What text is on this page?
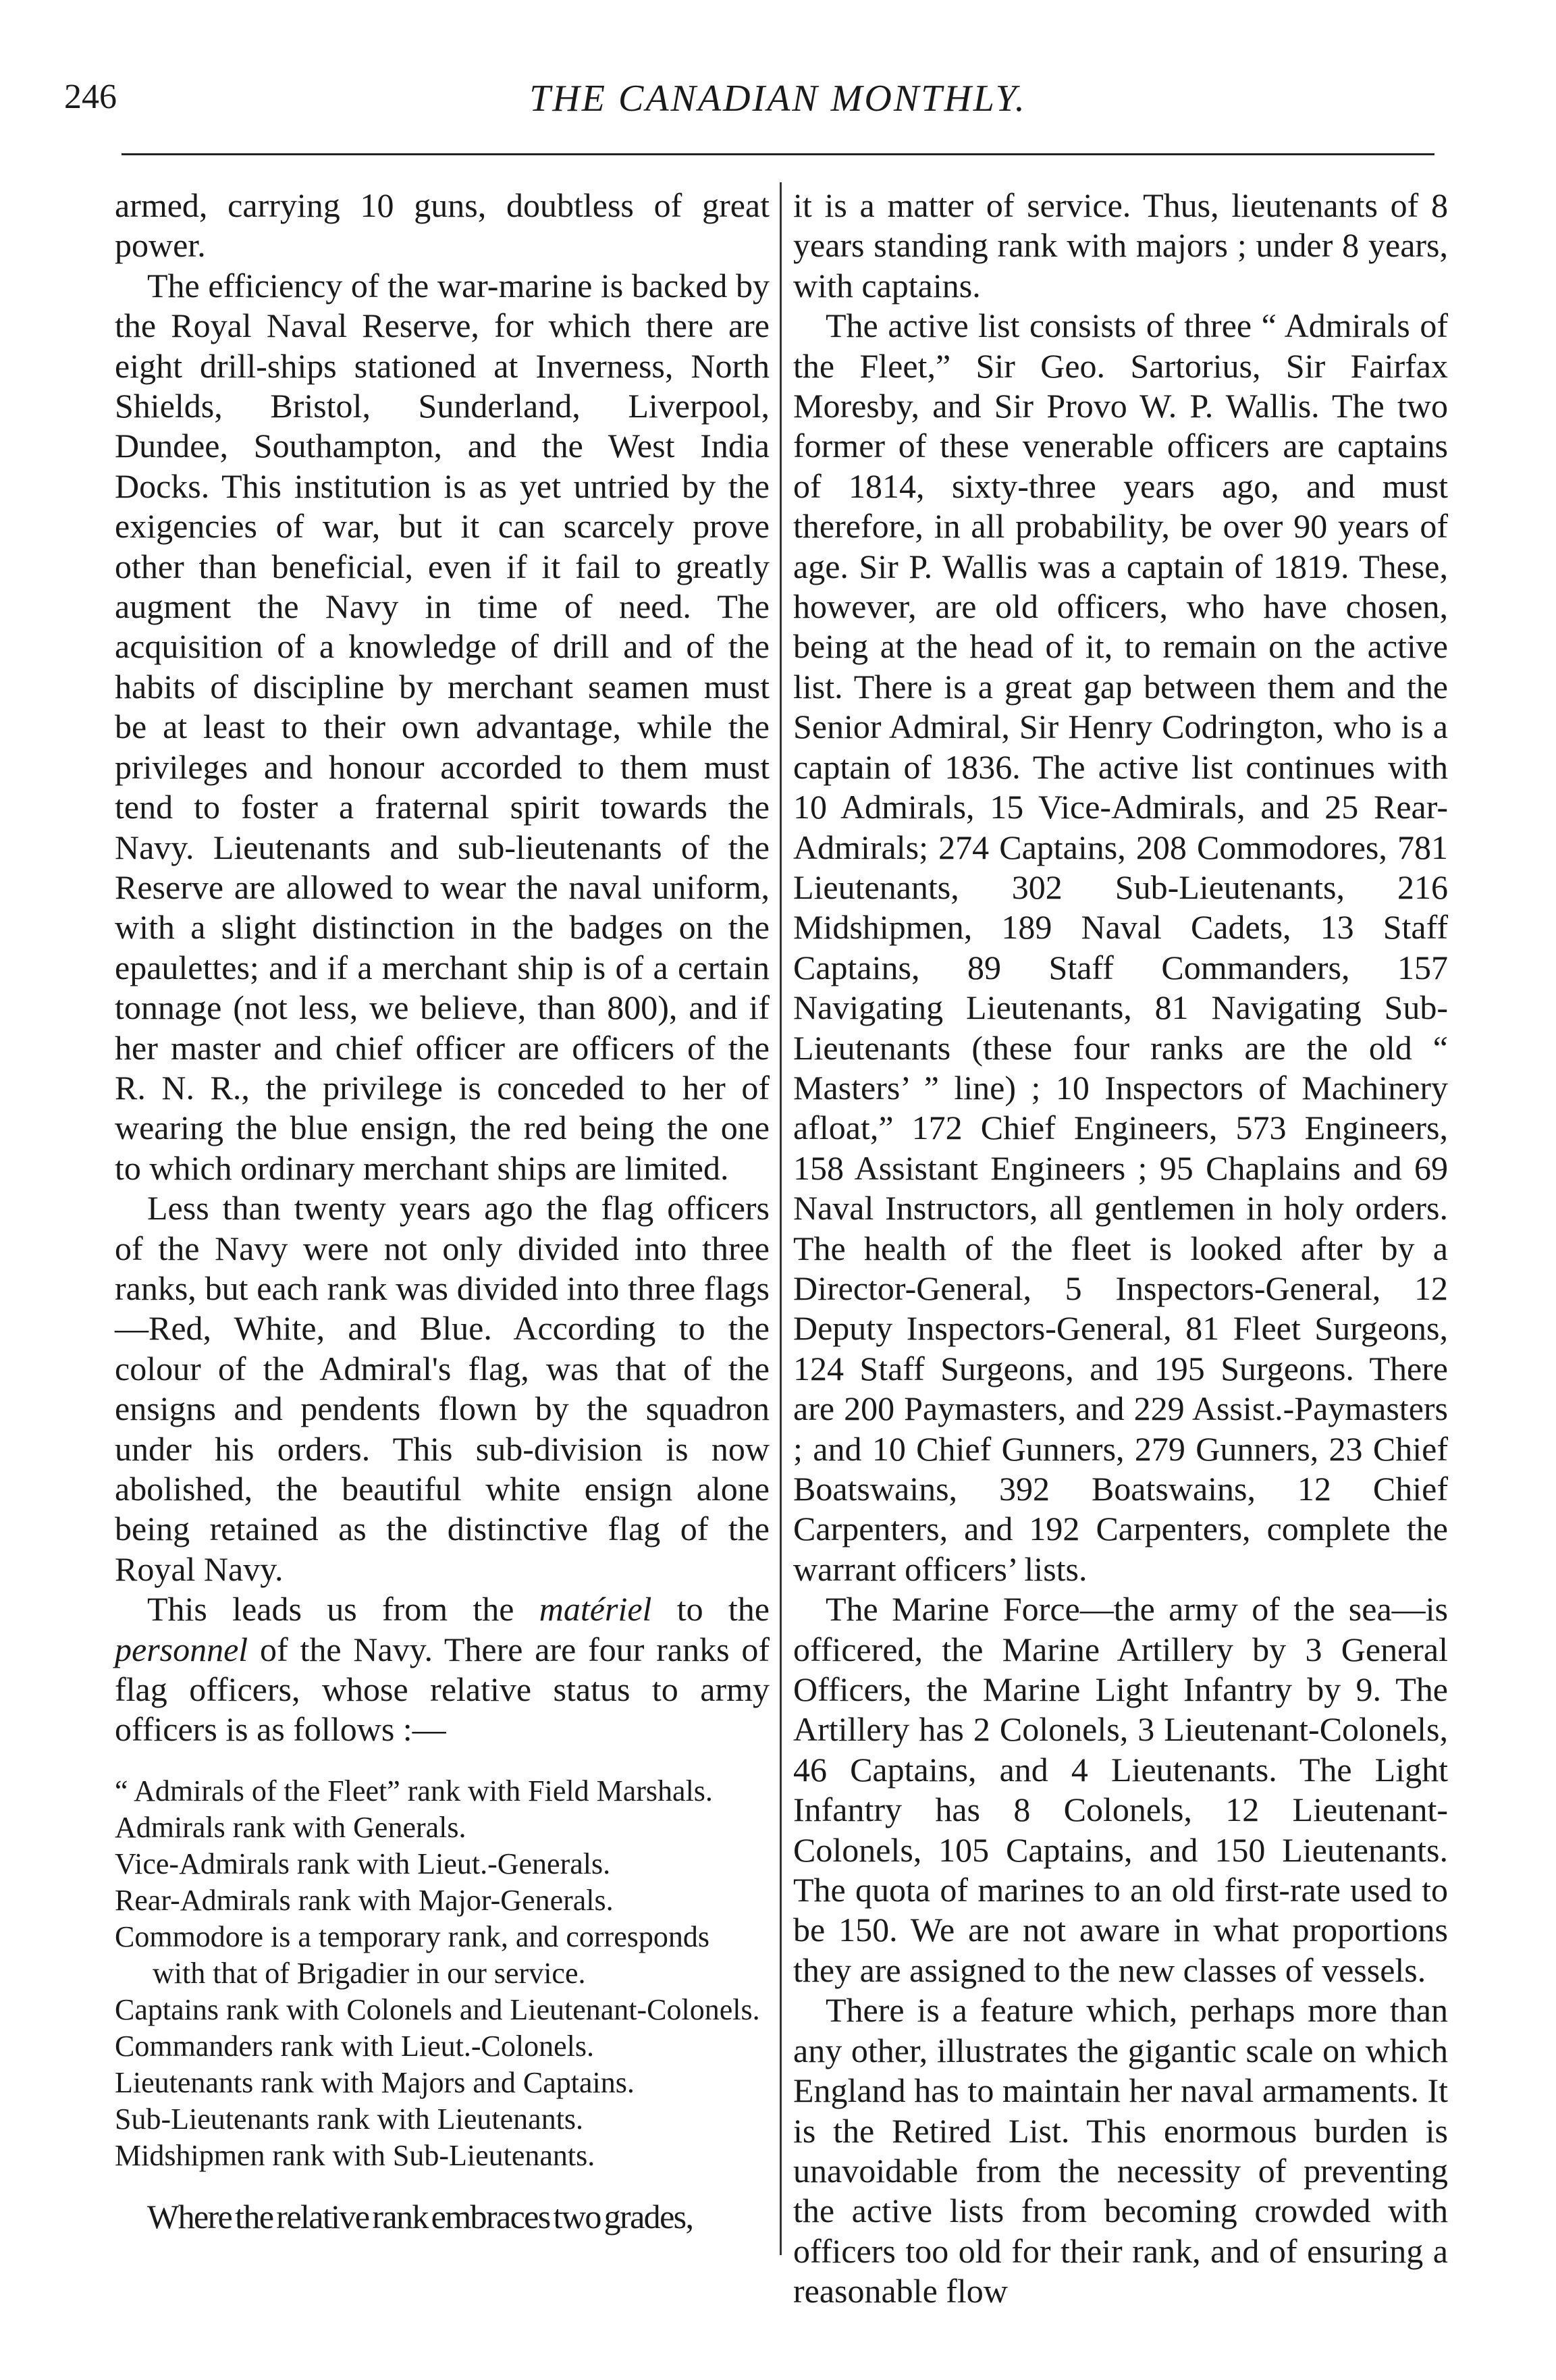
246	THE CANADIAN MONTHLY.

armed, carrying 10 guns, doubtless of great power.

The efficiency of the war-marine is backed by the Royal Naval Reserve, for which there are eight drill-ships stationed at Inverness, North Shields, Bristol, Sunderland, Liverpool, Dundee, Southampton, and the West India Docks. This institution is as yet untried by the exigencies of war, but it can scarcely prove other than beneficial, even if it fail to greatly augment the Navy in time of need. The acquisition of a knowledge of drill and of the habits of discipline by merchant seamen must be at least to their own advantage, while the privileges and honour accorded to them must tend to foster a fraternal spirit towards the Navy. Lieutenants and sub-lieutenants of the Reserve are allowed to wear the naval uniform, with a slight distinction in the badges on the epaulettes; and if a merchant ship is of a certain tonnage (not less, we believe, than 800), and if her master and chief officer are officers of the R. N. R., the privilege is conceded to her of wearing the blue ensign, the red being the one to which ordinary merchant ships are limited.

Less than twenty years ago the flag officers of the Navy were not only divided into three ranks, but each rank was divided into three flags—Red, White, and Blue. According to the colour of the Admiral's flag, was that of the ensigns and pendents flown by the squadron under his orders. This sub-division is now abolished, the beautiful white ensign alone being retained as the distinctive flag of the Royal Navy.

This leads us from the matériel to the personnel of the Navy. There are four ranks of flag officers, whose relative status to army officers is as follows :—

“ Admirals of the Fleet” rank with Field Marshals.
Admirals rank with Generals.
Vice-Admirals rank with Lieut.-Generals.
Rear-Admirals rank with Major-Generals.
Commodore is a temporary rank, and corresponds with that of Brigadier in our service.
Captains rank with Colonels and Lieutenant-Colonels.
Commanders rank with Lieut.-Colonels.
Lieutenants rank with Majors and Captains.
Sub-Lieutenants rank with Lieutenants.
Midshipmen rank with Sub-Lieutenants.

Where the relative rank embraces two grades,

it is a matter of service. Thus, lieutenants of 8 years standing rank with majors ; under 8 years, with captains.

The active list consists of three “ Admirals of the Fleet,” Sir Geo. Sartorius, Sir Fairfax Moresby, and Sir Provo W. P. Wallis. The two former of these venerable officers are captains of 1814, sixty-three years ago, and must therefore, in all probability, be over 90 years of age. Sir P. Wallis was a captain of 1819. These, however, are old officers, who have chosen, being at the head of it, to remain on the active list. There is a great gap between them and the Senior Admiral, Sir Henry Codrington, who is a captain of 1836. The active list continues with 10 Admirals, 15 Vice-Admirals, and 25 Rear-Admirals; 274 Captains, 208 Commodores, 781 Lieutenants, 302 Sub-Lieutenants, 216 Midshipmen, 189 Naval Cadets, 13 Staff Captains, 89 Staff Commanders, 157 Navigating Lieutenants, 81 Navigating Sub-Lieutenants (these four ranks are the old “ Masters’ ” line) ; 10 Inspectors of Machinery afloat,” 172 Chief Engineers, 573 Engineers, 158 Assistant Engineers ; 95 Chaplains and 69 Naval Instructors, all gentlemen in holy orders. The health of the fleet is looked after by a Director-General, 5 Inspectors-General, 12 Deputy Inspectors-General, 81 Fleet Surgeons, 124 Staff Surgeons, and 195 Surgeons. There are 200 Paymasters, and 229 Assist.-Paymasters ; and 10 Chief Gunners, 279 Gunners, 23 Chief Boatswains, 392 Boatswains, 12 Chief Carpenters, and 192 Carpenters, complete the warrant officers’ lists.

The Marine Force—the army of the sea—is officered, the Marine Artillery by 3 General Officers, the Marine Light Infantry by 9. The Artillery has 2 Colonels, 3 Lieutenant-Colonels, 46 Captains, and 4 Lieutenants. The Light Infantry has 8 Colonels, 12 Lieutenant-Colonels, 105 Captains, and 150 Lieutenants. The quota of marines to an old first-rate used to be 150. We are not aware in what proportions they are assigned to the new classes of vessels.

There is a feature which, perhaps more than any other, illustrates the gigantic scale on which England has to maintain her naval armaments. It is the Retired List. This enormous burden is unavoidable from the necessity of preventing the active lists from becoming crowded with officers too old for their rank, and of ensuring a reasonable flow
